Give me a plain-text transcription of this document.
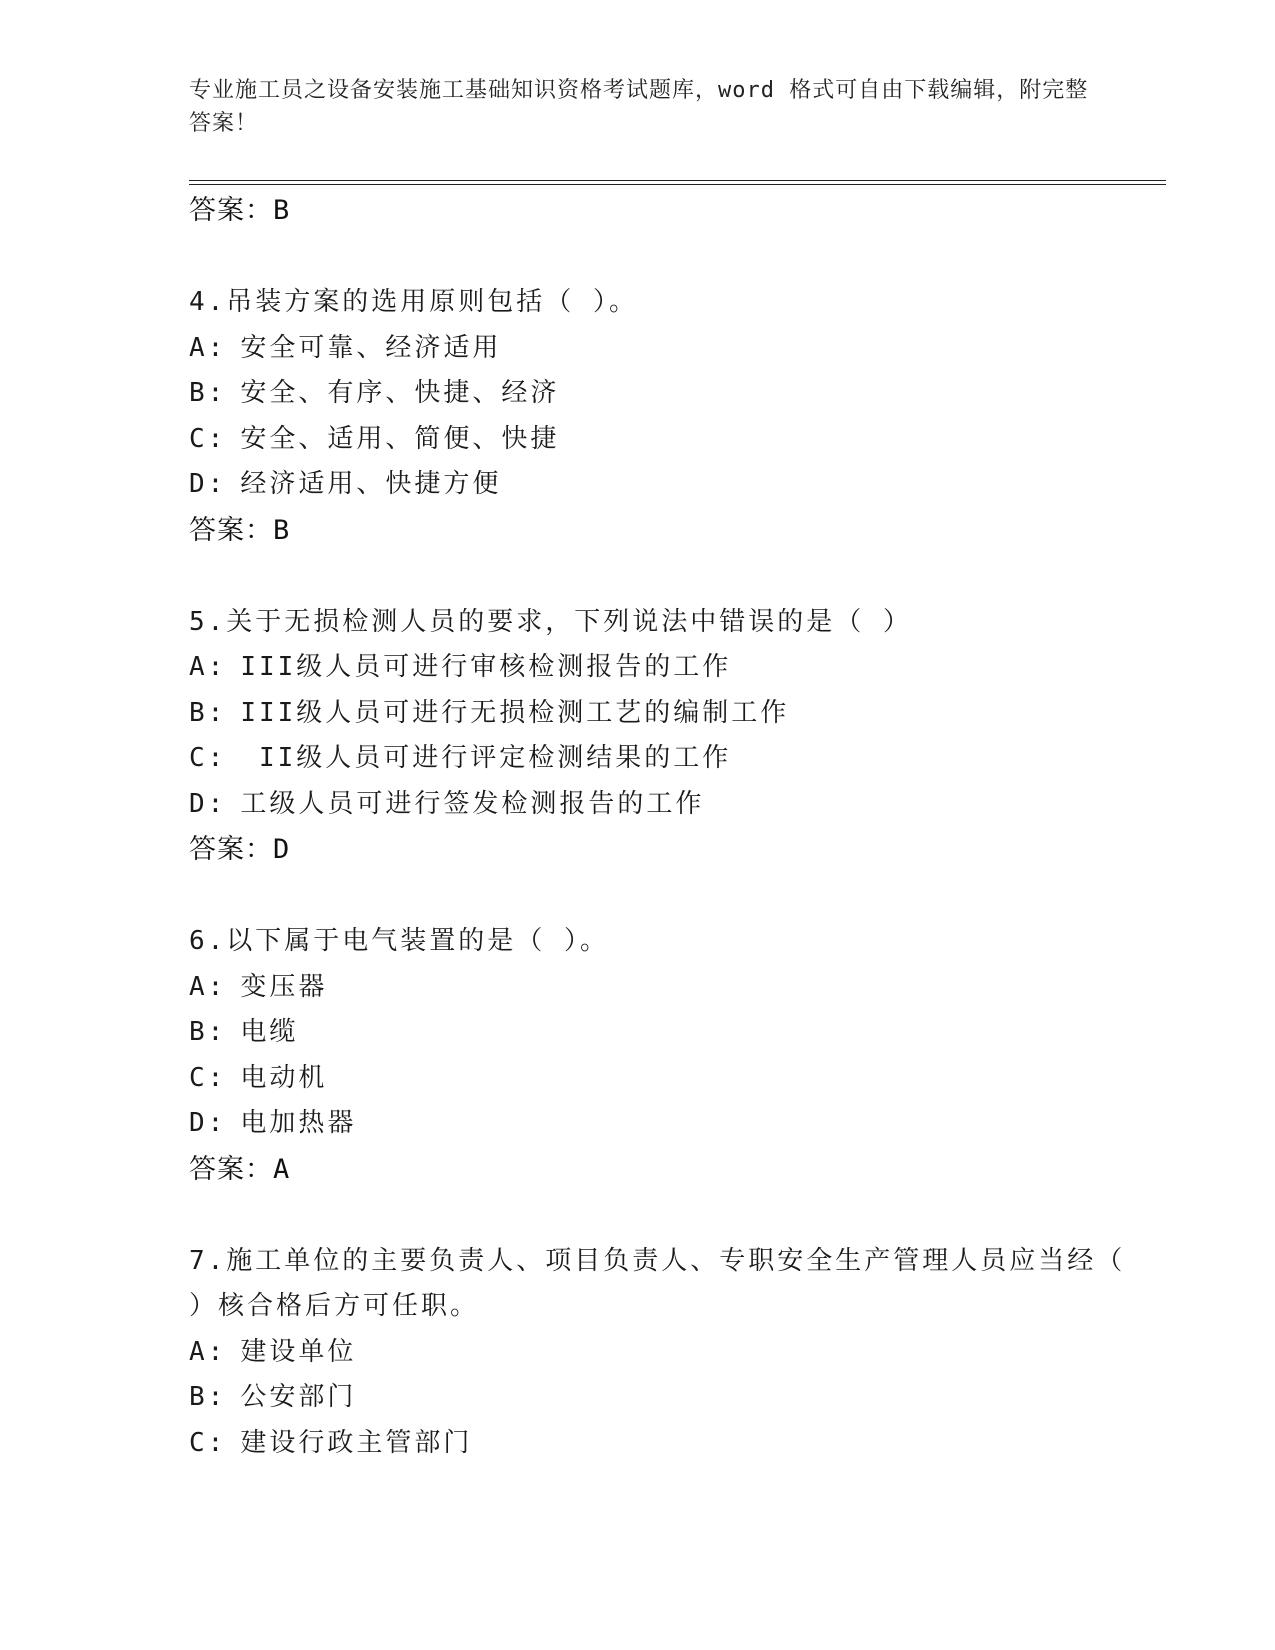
专业施工员之设备安装施工基础知识资格考试题库，word 格式可自由下载编辑，附完整答案！
答案：B
4.吊装方案的选用原则包括（ ）。
A: 安全可靠、经济适用
B: 安全、有序、快捷、经济
C: 安全、适用、简便、快捷
D: 经济适用、快捷方便
答案：B
5.关于无损检测人员的要求，下列说法中错误的是（ ）
A: III级人员可进行审核检测报告的工作
B: III级人员可进行无损检测工艺的编制工作
C: II级人员可进行评定检测结果的工作
D: 工级人员可进行签发检测报告的工作
答案：D
6.以下属于电气装置的是（ ）。
A: 变压器
B: 电缆
C: 电动机
D: 电加热器
答案：A
7.施工单位的主要负责人、项目负责人、专职安全生产管理人员应当经（ ）核合格后方可任职。
A: 建设单位
B: 公安部门
C: 建设行政主管部门
